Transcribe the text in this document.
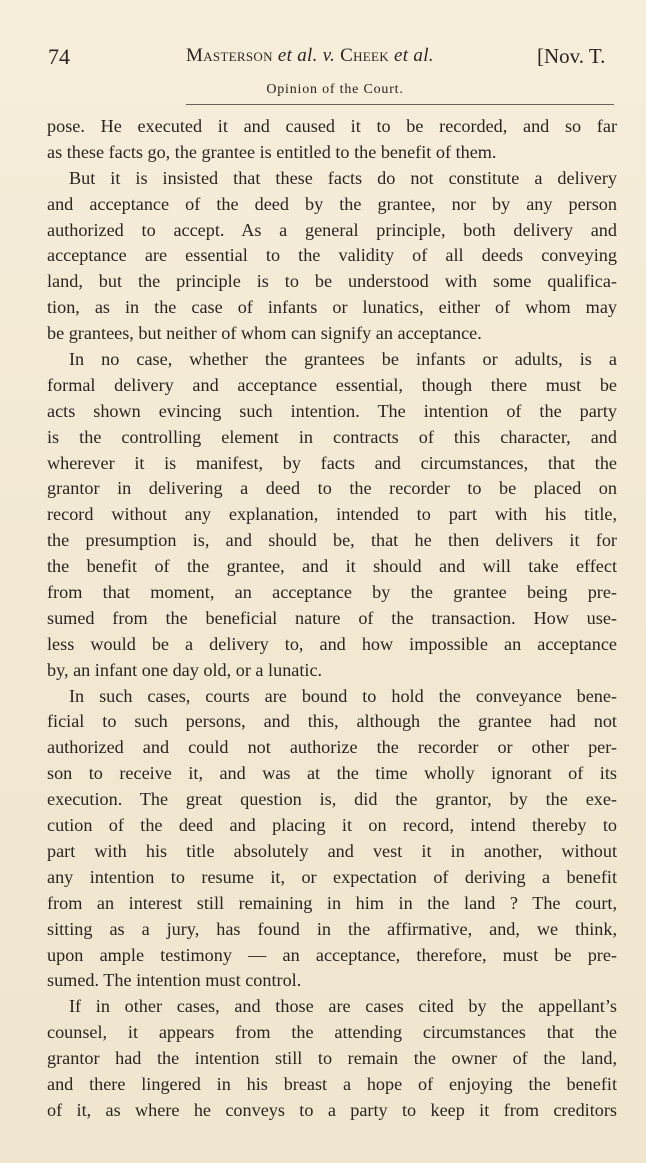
74	Masterson et al. v. Cheek et al.	[Nov. T.
Opinion of the Court.
pose. He executed it and caused it to be recorded, and so far
as these facts go, the grantee is entitled to the benefit of them.
But it is insisted that these facts do not constitute a delivery
and acceptance of the deed by the grantee, nor by any person
authorized to accept. As a general principle, both delivery and
acceptance are essential to the validity of all deeds conveying
land, but the principle is to be understood with some qualifica-
tion, as in the case of infants or lunatics, either of whom may
be grantees, but neither of whom can signify an acceptance.
In no case, whether the grantees be infants or adults, is a
formal delivery and acceptance essential, though there must be
acts shown evincing such intention. The intention of the party
is the controlling element in contracts of this character, and
wherever it is manifest, by facts and circumstances, that the
grantor in delivering a deed to the recorder to be placed on
record without any explanation, intended to part with his title,
the presumption is, and should be, that he then delivers it for
the benefit of the grantee, and it should and will take effect
from that moment, an acceptance by the grantee being pre-
sumed from the beneficial nature of the transaction. How use-
less would be a delivery to, and how impossible an acceptance
by, an infant one day old, or a lunatic.
In such cases, courts are bound to hold the conveyance bene-
ficial to such persons, and this, although the grantee had not
authorized and could not authorize the recorder or other per-
son to receive it, and was at the time wholly ignorant of its
execution. The great question is, did the grantor, by the exe-
cution of the deed and placing it on record, intend thereby to
part with his title absolutely and vest it in another, without
any intention to resume it, or expectation of deriving a benefit
from an interest still remaining in him in the land ? The court,
sitting as a jury, has found in the affirmative, and, we think,
upon ample testimony — an acceptance, therefore, must be pre-
sumed. The intention must control.
If in other cases, and those are cases cited by the appellant’s
counsel, it appears from the attending circumstances that the
grantor had the intention still to remain the owner of the land,
and there lingered in his breast a hope of enjoying the benefit
of it, as where he conveys to a party to keep it from creditors
